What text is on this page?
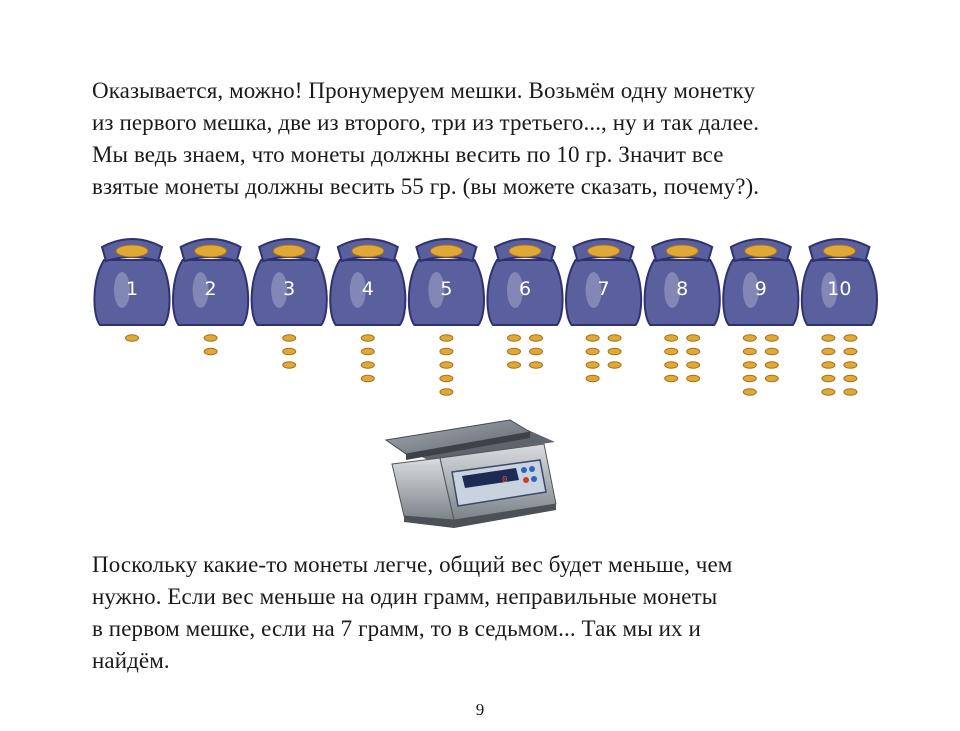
Оказывается, можно! Пронумеруем мешки. Возьмём одну монетку
из первого мешка, две из второго, три из третьего..., ну и так далее.
Мы ведь знаем, что монеты должны весить по 10 гр. Значит все
взятые монеты должны весить 55 гр. (вы можете сказать, почему?).

1	2	3	4	5	6	7	8	9	10
0

Поскольку какие-то монеты легче, общий вес будет меньше, чем
нужно. Если вес меньше на один грамм, неправильные монеты
в первом мешке, если на 7 грамм, то в седьмом... Так мы их и
найдём.

9
